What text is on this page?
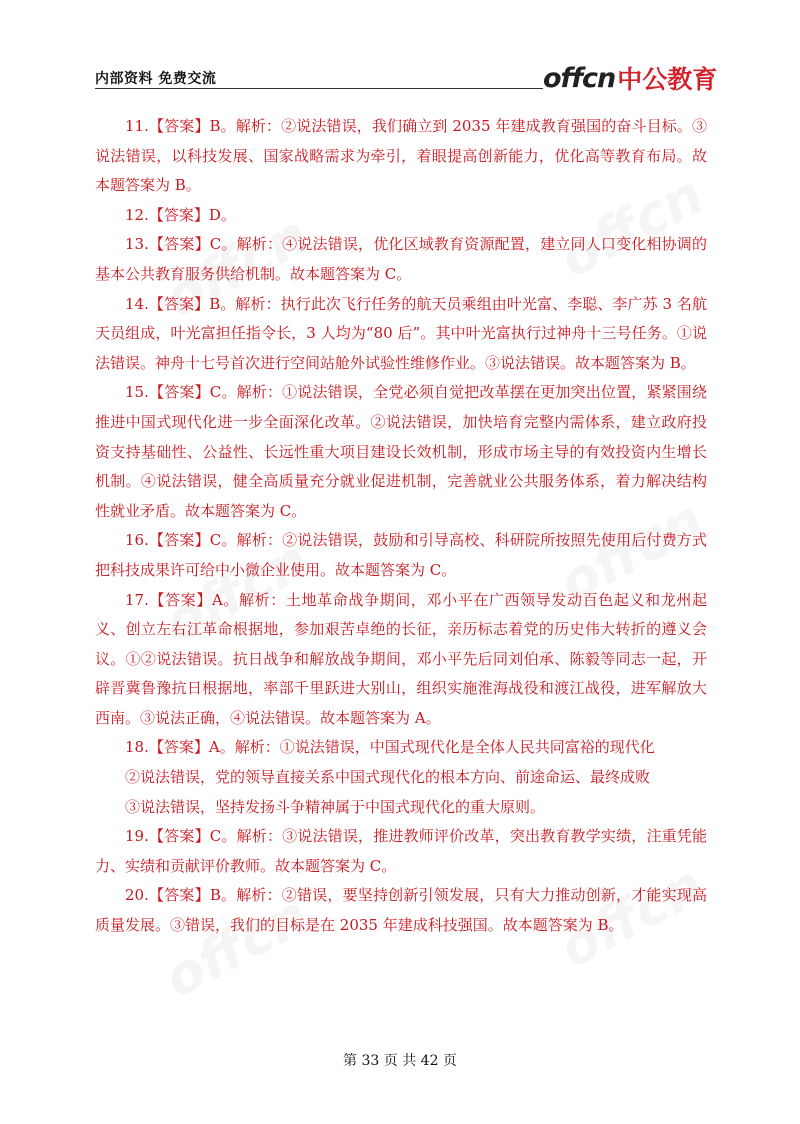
内部资料 免费交流	offcn 中公教育

11.【答案】B。解析：②说法错误，我们确立到 2035 年建成教育强国的奋斗目标。③说法错误，以科技发展、国家战略需求为牵引，着眼提高创新能力，优化高等教育布局。故本题答案为 B。

12.【答案】D。

13.【答案】C。解析：④说法错误，优化区域教育资源配置，建立同人口变化相协调的基本公共教育服务供给机制。故本题答案为 C。

14.【答案】B。解析：执行此次飞行任务的航天员乘组由叶光富、李聪、李广苏 3 名航天员组成，叶光富担任指令长，3 人均为“80 后”。其中叶光富执行过神舟十三号任务。①说法错误。神舟十七号首次进行空间站舱外试验性维修作业。③说法错误。故本题答案为 B。

15.【答案】C。解析：①说法错误，全党必须自觉把改革摆在更加突出位置，紧紧围绕推进中国式现代化进一步全面深化改革。②说法错误，加快培育完整内需体系，建立政府投资支持基础性、公益性、长远性重大项目建设长效机制，形成市场主导的有效投资内生增长机制。④说法错误，健全高质量充分就业促进机制，完善就业公共服务体系，着力解决结构性就业矛盾。故本题答案为 C。

16.【答案】C。解析：②说法错误，鼓励和引导高校、科研院所按照先使用后付费方式把科技成果许可给中小微企业使用。故本题答案为 C。

17.【答案】A。解析：土地革命战争期间，邓小平在广西领导发动百色起义和龙州起义、创立左右江革命根据地，参加艰苦卓绝的长征，亲历标志着党的历史伟大转折的遵义会议。①②说法错误。抗日战争和解放战争期间，邓小平先后同刘伯承、陈毅等同志一起，开辟晋冀鲁豫抗日根据地，率部千里跃进大别山，组织实施淮海战役和渡江战役，进军解放大西南。③说法正确，④说法错误。故本题答案为 A。

18.【答案】A。解析：①说法错误，中国式现代化是全体人民共同富裕的现代化

②说法错误，党的领导直接关系中国式现代化的根本方向、前途命运、最终成败

③说法错误，坚持发扬斗争精神属于中国式现代化的重大原则。

19.【答案】C。解析：③说法错误，推进教师评价改革，突出教育教学实绩，注重凭能力、实绩和贡献评价教师。故本题答案为 C。

20.【答案】B。解析：②错误，要坚持创新引领发展，只有大力推动创新，才能实现高质量发展。③错误，我们的目标是在 2035 年建成科技强国。故本题答案为 B。

第 33 页 共 42 页
